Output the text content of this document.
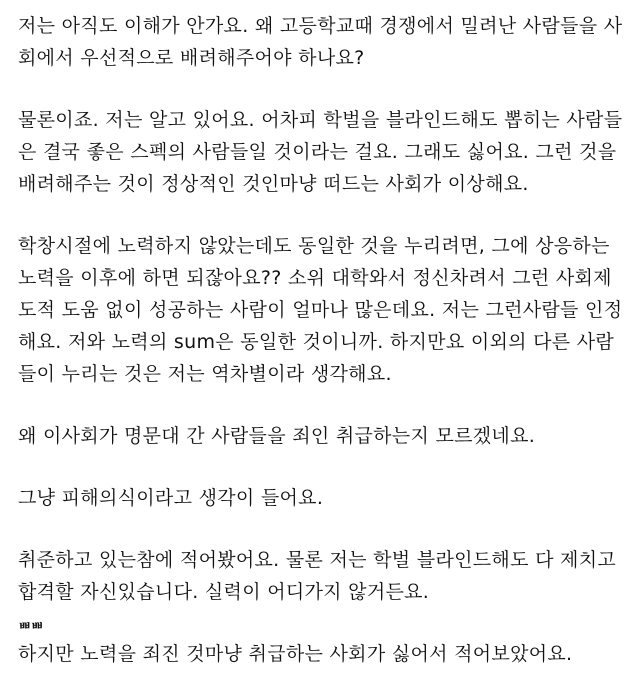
저는 아직도 이해가 안가요. 왜 고등학교때 경쟁에서 밀려난 사람들을 사
회에서 우선적으로 배려해주어야 하나요?

물론이죠. 저는 알고 있어요. 어차피 학벌을 블라인드해도 뽑히는 사람들
은 결국 좋은 스펙의 사람들일 것이라는 걸요. 그래도 싫어요. 그런 것을
배려해주는 것이 정상적인 것인마냥 떠드는 사회가 이상해요.

학창시절에 노력하지 않았는데도 동일한 것을 누리려면, 그에 상응하는
노력을 이후에 하면 되잖아요?? 소위 대학와서 정신차려서 그런 사회제
도적 도움 없이 성공하는 사람이 얼마나 많은데요. 저는 그런사람들 인정
해요. 저와 노력의 sum은 동일한 것이니까. 하지만요 이외의 다른 사람
들이 누리는 것은 저는 역차별이라 생각해요.

왜 이사회가 명문대 간 사람들을 죄인 취급하는지 모르겠네요.

그냥 피해의식이라고 생각이 들어요.

취준하고 있는참에 적어봤어요. 물론 저는 학벌 블라인드해도 다 제치고
합격할 자신있습니다. 실력이 어디가지 않거든요.

하지만 노력을 죄진 것마냥 취급하는 사회가 싫어서 적어보았어요.

ㅃㅃ
